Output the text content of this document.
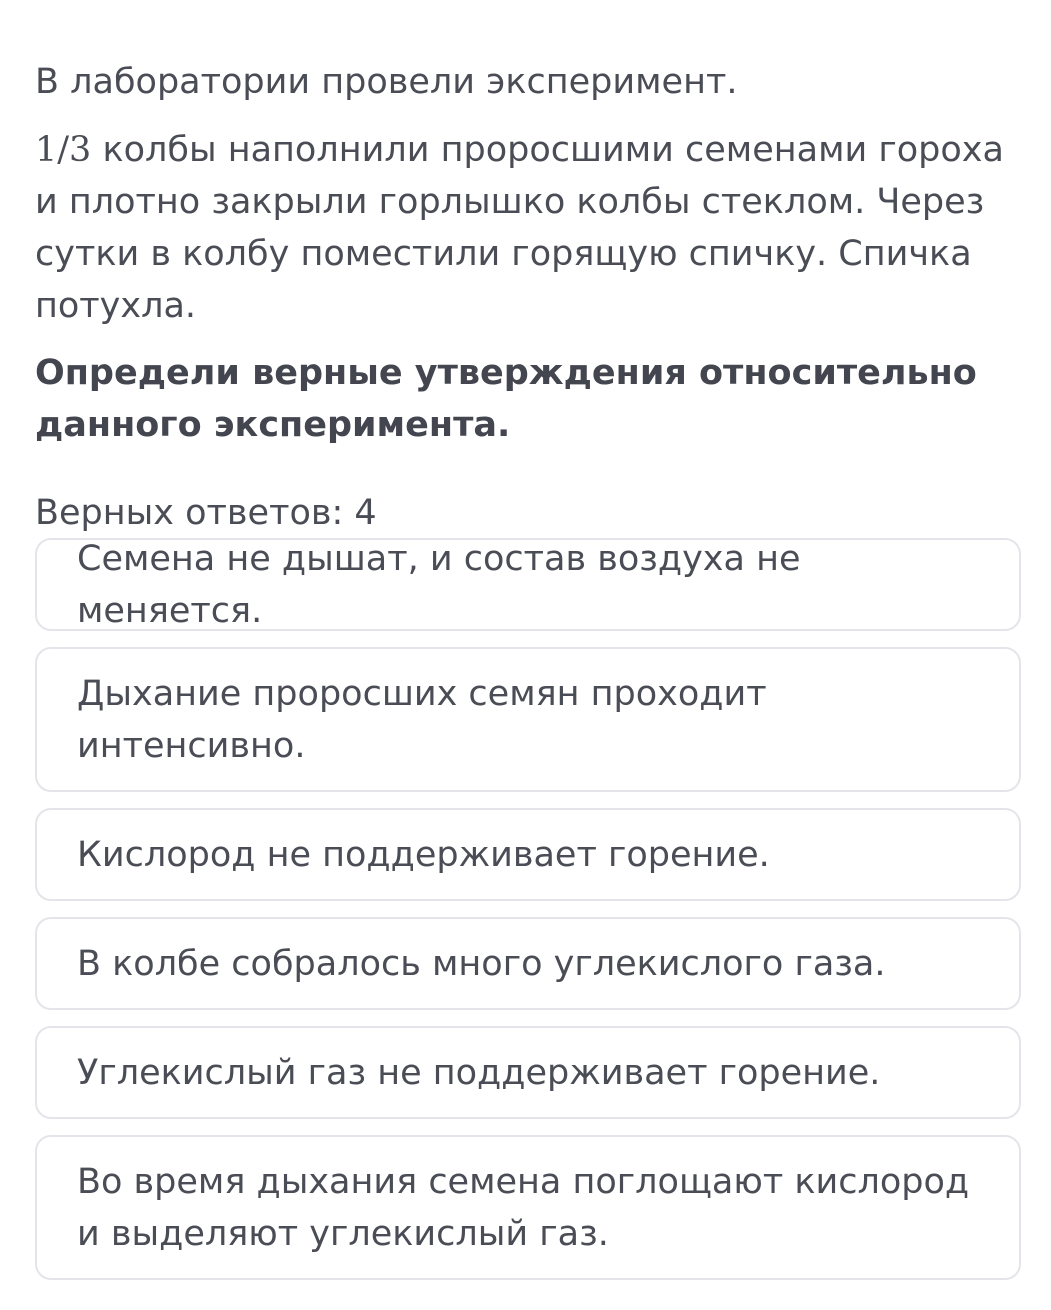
В лаборатории провели эксперимент.

1/3 колбы наполнили проросшими семенами гороха и плотно закрыли горлышко колбы стеклом. Через сутки в колбу поместили горящую спичку. Спичка потухла.

Определи верные утверждения относительно данного эксперимента.

Верных ответов: 4

Семена не дышат, и состав воздуха не меняется.
Дыхание проросших семян проходит интенсивно.
Кислород не поддерживает горение.
В колбе собралось много углекислого газа.
Углекислый газ не поддерживает горение.
Во время дыхания семена поглощают кислород и выделяют углекислый газ.
